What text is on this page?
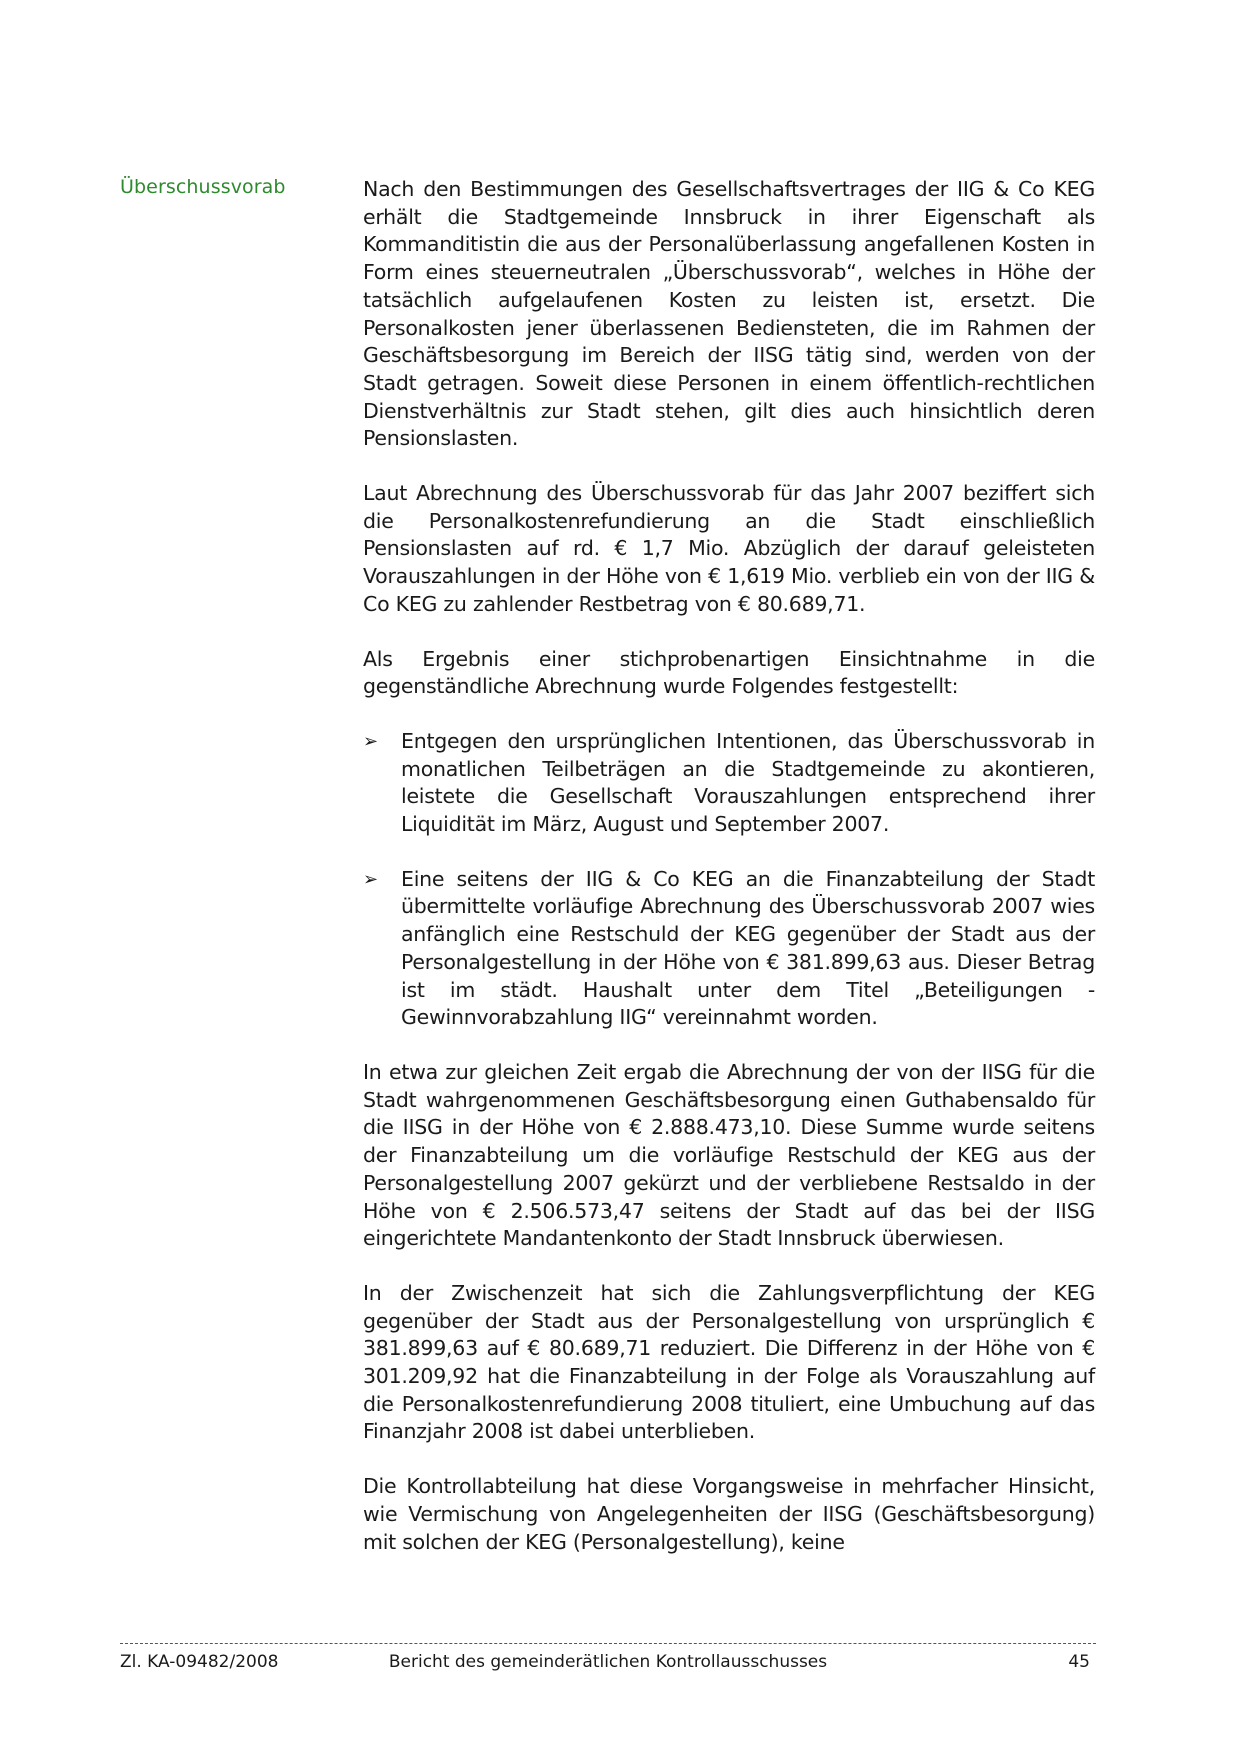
Überschussvorab	Nach den Bestimmungen des Gesellschaftsvertrages der IIG & Co KEG erhält die Stadtgemeinde Innsbruck in ihrer Eigenschaft als Kommanditistin die aus der Personalüberlassung angefallenen Kosten in Form eines steuerneutralen „Überschussvorab“, welches in Höhe der tatsächlich aufgelaufenen Kosten zu leisten ist, ersetzt. Die Personalkosten jener überlassenen Bediensteten, die im Rahmen der Geschäftsbesorgung im Bereich der IISG tätig sind, werden von der Stadt getragen. Soweit diese Personen in einem öffentlich-rechtlichen Dienstverhältnis zur Stadt stehen, gilt dies auch hinsichtlich deren Pensionslasten.

Laut Abrechnung des Überschussvorab für das Jahr 2007 beziffert sich die Personalkostenrefundierung an die Stadt einschließlich Pensionslasten auf rd. € 1,7 Mio. Abzüglich der darauf geleisteten Vorauszahlungen in der Höhe von € 1,619 Mio. verblieb ein von der IIG & Co KEG zu zahlender Restbetrag von € 80.689,71.

Als Ergebnis einer stichprobenartigen Einsichtnahme in die gegenständliche Abrechnung wurde Folgendes festgestellt:

➢ Entgegen den ursprünglichen Intentionen, das Überschussvorab in monatlichen Teilbeträgen an die Stadtgemeinde zu akontieren, leistete die Gesellschaft Vorauszahlungen entsprechend ihrer Liquidität im März, August und September 2007.

➢ Eine seitens der IIG & Co KEG an die Finanzabteilung der Stadt übermittelte vorläufige Abrechnung des Überschussvorab 2007 wies anfänglich eine Restschuld der KEG gegenüber der Stadt aus der Personalgestellung in der Höhe von € 381.899,63 aus. Dieser Betrag ist im städt. Haushalt unter dem Titel „Beteiligungen - Gewinnvorabzahlung IIG“ vereinnahmt worden.

In etwa zur gleichen Zeit ergab die Abrechnung der von der IISG für die Stadt wahrgenommenen Geschäftsbesorgung einen Guthabensaldo für die IISG in der Höhe von € 2.888.473,10. Diese Summe wurde seitens der Finanzabteilung um die vorläufige Restschuld der KEG aus der Personalgestellung 2007 gekürzt und der verbliebene Restsaldo in der Höhe von € 2.506.573,47 seitens der Stadt auf das bei der IISG eingerichtete Mandantenkonto der Stadt Innsbruck überwiesen.

In der Zwischenzeit hat sich die Zahlungsverpflichtung der KEG gegenüber der Stadt aus der Personalgestellung von ursprünglich € 381.899,63 auf € 80.689,71 reduziert. Die Differenz in der Höhe von € 301.209,92 hat die Finanzabteilung in der Folge als Vorauszahlung auf die Personalkostenrefundierung 2008 tituliert, eine Umbuchung auf das Finanzjahr 2008 ist dabei unterblieben.

Die Kontrollabteilung hat diese Vorgangsweise in mehrfacher Hinsicht, wie Vermischung von Angelegenheiten der IISG (Geschäftsbesorgung) mit solchen der KEG (Personalgestellung), keine

Zl. KA-09482/2008	Bericht des gemeinderätlichen Kontrollausschusses	45
